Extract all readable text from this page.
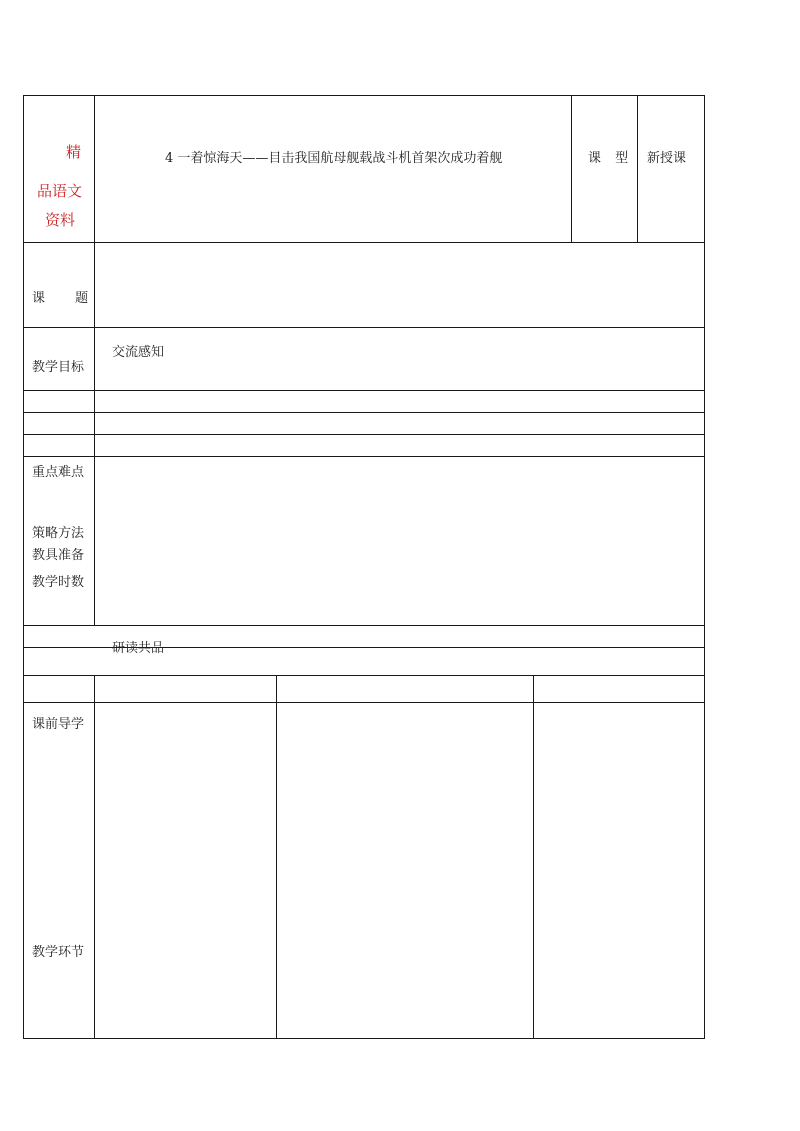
精
品语文
资料
4 一着惊海天——目击我国航母舰载战斗机首架次成功着舰	课 型 新授课
课 题
教学目标
交流感知
重点难点
策略方法
教具准备
教学时数
研读共品
课前导学
教学环节
